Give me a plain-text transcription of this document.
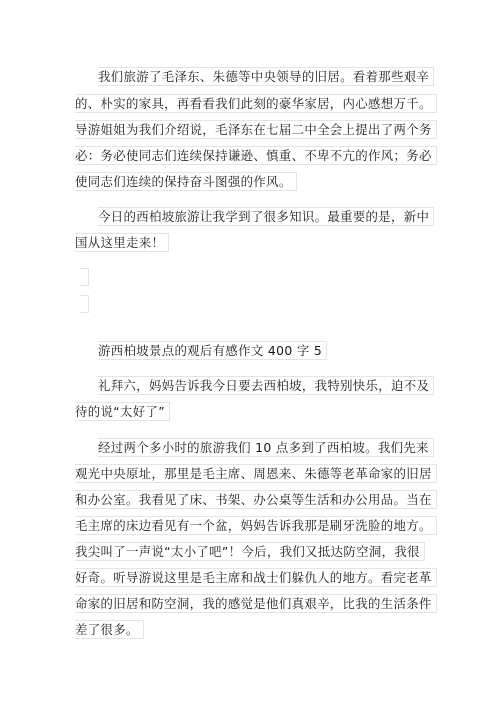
我们旅游了毛泽东、朱德等中央领导的旧居。看着那些艰辛
的、朴实的家具，再看看我们此刻的豪华家居，内心感想万千。
导游姐姐为我们介绍说，毛泽东在七届二中全会上提出了两个务
必：务必使同志们连续保持谦逊、慎重、不卑不亢的作风；务必
使同志们连续的保持奋斗图强的作风。
今日的西柏坡旅游让我学到了很多知识。最重要的是，新中
国从这里走来！
游西柏坡景点的观后有感作文 400 字 5
礼拜六，妈妈告诉我今日要去西柏坡，我特别快乐，迫不及
待的说“太好了”
经过两个多小时的旅游我们 10 点多到了西柏坡。我们先来
观光中央原址，那里是毛主席、周恩来、朱德等老革命家的旧居
和办公室。我看见了床、书架、办公桌等生活和办公用品。当在
毛主席的床边看见有一个盆，妈妈告诉我那是刷牙洗脸的地方。
我尖叫了一声说“太小了吧”！今后，我们又抵达防空洞，我很
好奇。听导游说这里是毛主席和战士们躲仇人的地方。看完老革
命家的旧居和防空洞，我的感觉是他们真艰辛，比我的生活条件
差了很多。
